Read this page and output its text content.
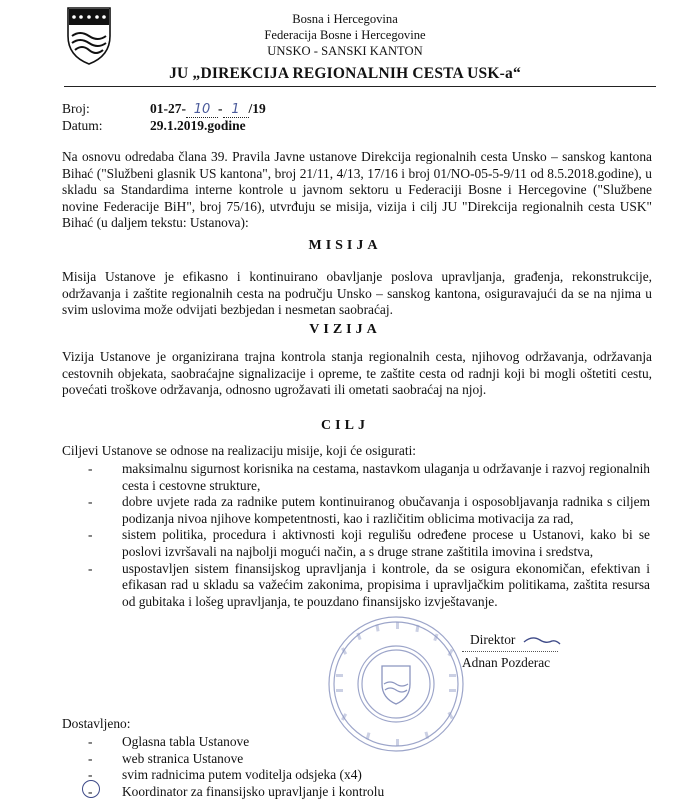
Bosna i Hercegovina
Federacija Bosne i Hercegovine
UNSKO - SANSKI KANTON
JU „DIREKCIJA REGIONALNIH CESTA USK-a“
Broj:	01-27- 10 - 1 /19
Datum:	29.1.2019.godine
Na osnovu odredaba člana 39. Pravila Javne ustanove Direkcija regionalnih cesta Unsko – sanskog kantona Bihać ("Službeni glasnik US kantona", broj 21/11, 4/13, 17/16 i broj 01/NO-05-5-9/11 od 8.5.2018.godine), u skladu sa Standardima interne kontrole u javnom sektoru u Federaciji Bosne i Hercegovine ("Službene novine Federacije BiH", broj 75/16), utvrđuju se misija, vizija i cilj JU "Direkcija regionalnih cesta USK" Bihać (u daljem tekstu: Ustanova):
MISIJA
Misija Ustanove je efikasno i kontinuirano obavljanje poslova upravljanja, građenja, rekonstrukcije, održavanja i zaštite regionalnih cesta na području Unsko – sanskog kantona, osiguravajući da se na njima u svim uslovima može odvijati bezbjedan i nesmetan saobraćaj.
VIZIJA
Vizija Ustanove je organizirana trajna kontrola stanja regionalnih cesta, njihovog održavanja, održavanja cestovnih objekata, saobraćajne signalizacije i opreme, te zaštite cesta od radnji koji bi mogli oštetiti cestu, povećati troškove održavanja, odnosno ugrožavati ili ometati saobraćaj na njoj.
CILJ
Ciljevi Ustanove se odnose na realizaciju misije, koji će osigurati:
- maksimalnu sigurnost korisnika na cestama, nastavkom ulaganja u održavanje i razvoj regionalnih cesta i cestovne strukture,
- dobre uvjete rada za radnike putem kontinuiranog obučavanja i osposobljavanja radnika s ciljem podizanja nivoa njihove kompetentnosti, kao i različitim oblicima motivacija za rad,
- sistem politika, procedura i aktivnosti koji regulišu određene procese u Ustanovi, kako bi se poslovi izvršavali na najbolji mogući način, a s druge strane zaštitila imovina i sredstva,
- uspostavljen sistem finansijskog upravljanja i kontrole, da se osigura ekonomičan, efektivan i efikasan rad u skladu sa važećim zakonima, propisima i upravljačkim politikama, zaštita resursa od gubitaka i lošeg upravljanja, te pouzdano finansijsko izvještavanje.
Direktor
Adnan Pozderac
Dostavljeno:
- Oglasna tabla Ustanove
- web stranica Ustanove
- svim radnicima putem voditelja odsjeka (x4)
- Koordinator za finansijsko upravljanje i kontrolu
